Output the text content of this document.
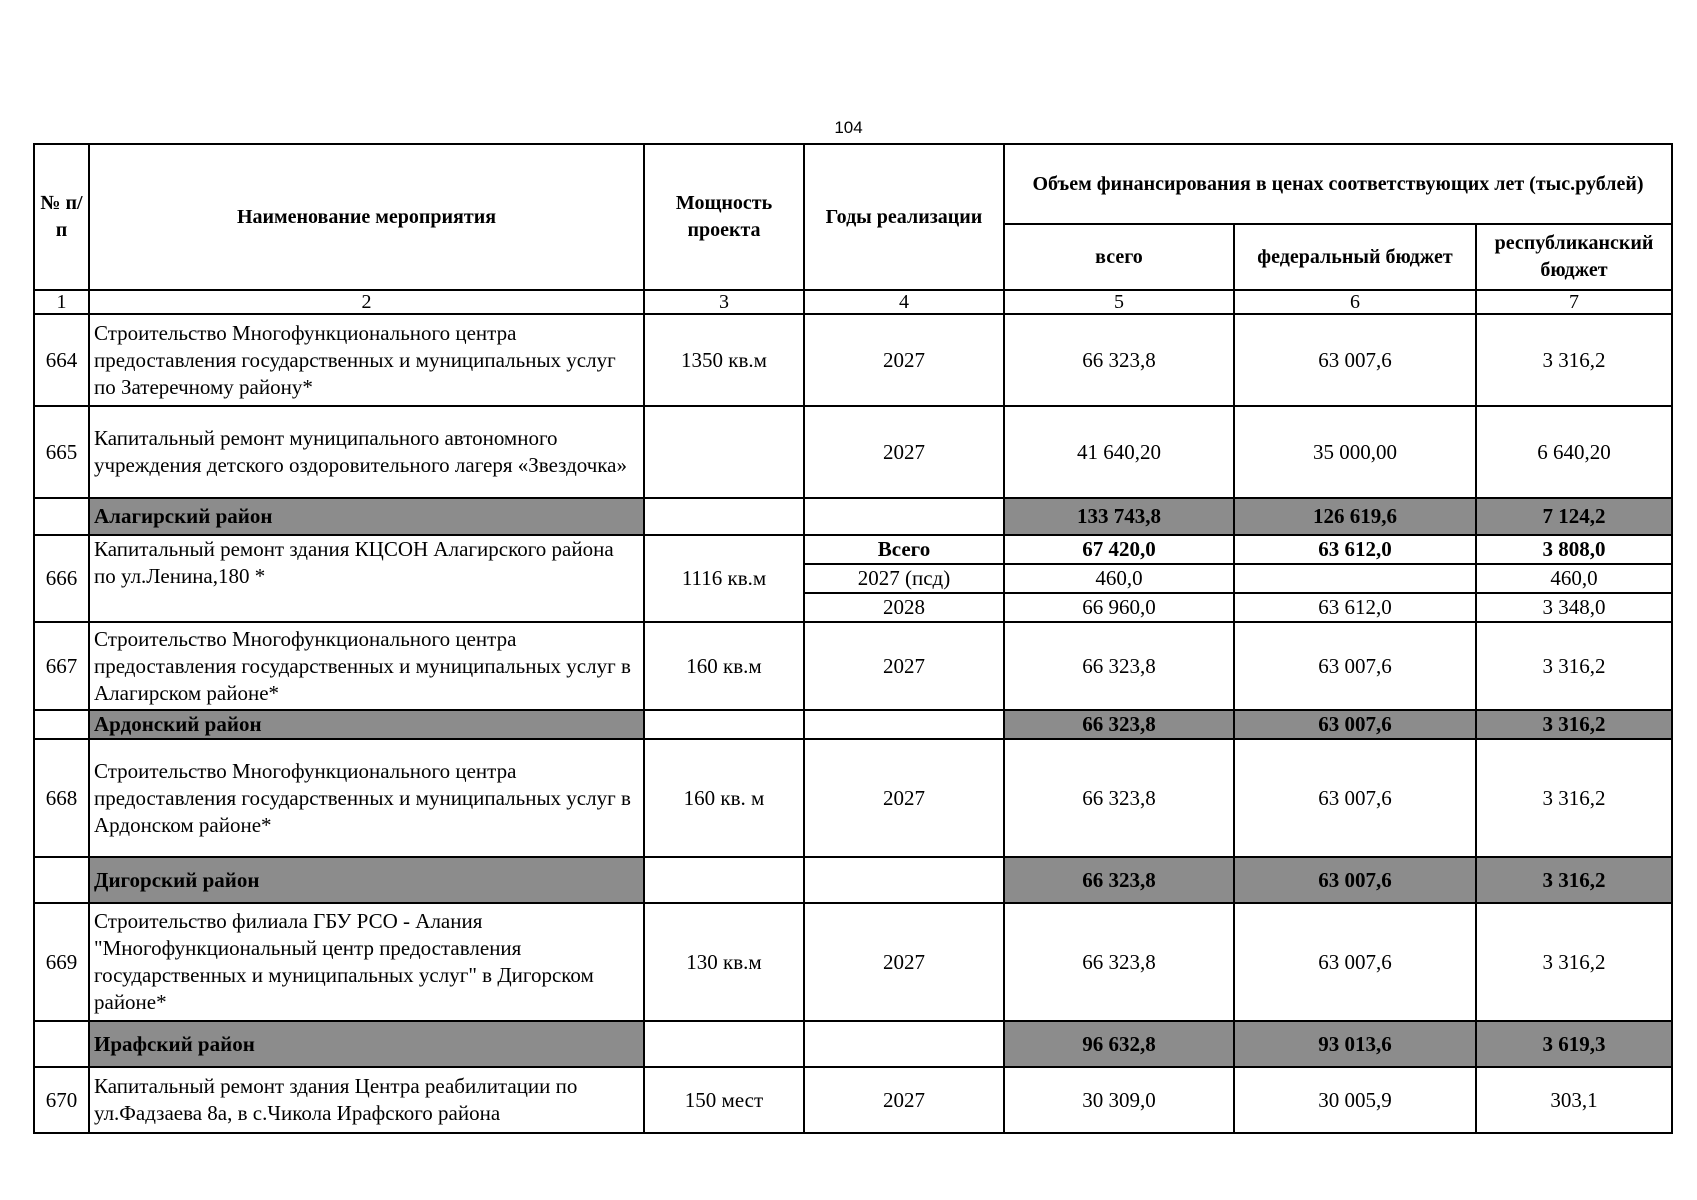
104
№ п/п	Наименование мероприятия	Мощность проекта	Годы реализации	Объем финансирования в ценах соответствующих лет (тыс.рублей)		
				всего	федеральный бюджет	республиканский бюджет
1	2	3	4	5	6	7
664	Строительство Многофункционального центра предоставления государственных и муниципальных услуг по Затеречному району*	1350 кв.м	2027	66 323,8	63 007,6	3 316,2
665	Капитальный ремонт муниципального автономного учреждения детского оздоровительного лагеря «Звездочка»		2027	41 640,20	35 000,00	6 640,20
	Алагирский район			133 743,8	126 619,6	7 124,2
666	Капитальный ремонт здания КЦСОН Алагирского района по ул.Ленина,180 *	1116 кв.м	Всего	67 420,0	63 612,0	3 808,0
			2027 (псд)	460,0		460,0
			2028	66 960,0	63 612,0	3 348,0
667	Строительство Многофункционального центра предоставления государственных и муниципальных услуг в Алагирском районе*	160 кв.м	2027	66 323,8	63 007,6	3 316,2
	Ардонский район			66 323,8	63 007,6	3 316,2
668	Строительство Многофункционального центра предоставления государственных и муниципальных услуг в Ардонском районе*	160 кв. м	2027	66 323,8	63 007,6	3 316,2
	Дигорский район			66 323,8	63 007,6	3 316,2
669	Строительство филиала ГБУ РСО - Алания "Многофункциональный центр предоставления государственных и муниципальных услуг" в Дигорском районе*	130 кв.м	2027	66 323,8	63 007,6	3 316,2
	Ирафский район			96 632,8	93 013,6	3 619,3
670	Капитальный ремонт здания Центра реабилитации по ул.Фадзаева 8а, в с.Чикола Ирафского района	150 мест	2027	30 309,0	30 005,9	303,1
